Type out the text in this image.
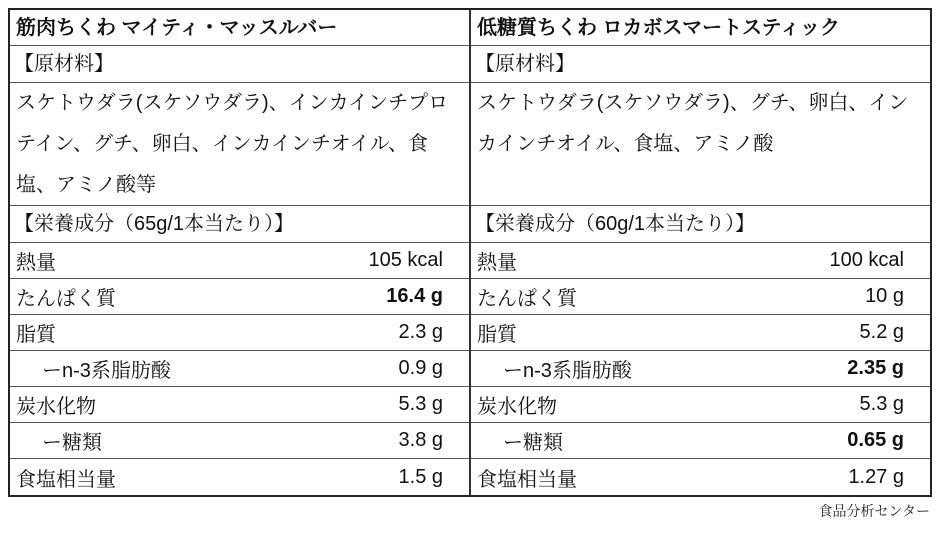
筋肉ちくわ マイティ・マッスルバー
【原材料】
スケトウダラ(スケソウダラ)、インカインチプロテイン、グチ、卵白、インカインチオイル、食塩、アミノ酸等
【栄養成分（65g/1本当たり）】
熱量	105 kcal
たんぱく質	16.4 g
脂質	2.3 g
ーn-3系脂肪酸	0.9 g
炭水化物	5.3 g
ー糖類	3.8 g
食塩相当量	1.5 g
低糖質ちくわ ロカボスマートスティック
【原材料】
スケトウダラ(スケソウダラ)、グチ、卵白、インカインチオイル、食塩、アミノ酸
【栄養成分（60g/1本当たり）】
熱量	100 kcal
たんぱく質	10 g
脂質	5.2 g
ーn-3系脂肪酸	2.35 g
炭水化物	5.3 g
ー糖類	0.65 g
食塩相当量	1.27 g
食品分析センター
